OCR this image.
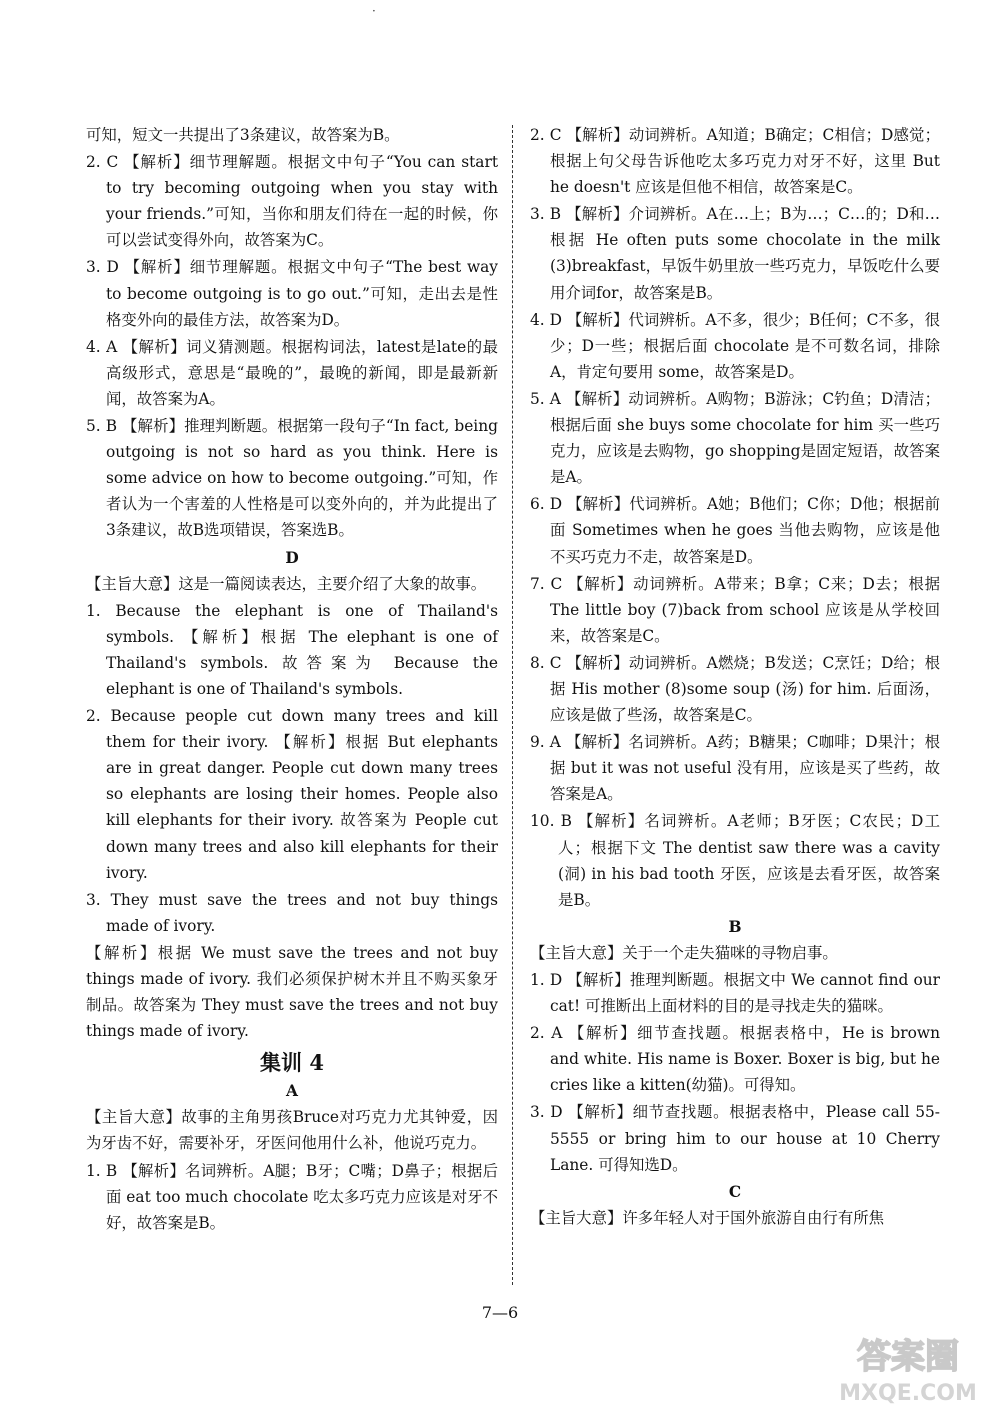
·

可知，短文一共提出了3条建议，故答案为B。

2. C 【解析】细节理解题。根据文中句子“You can start to try becoming outgoing when you stay with your friends.”可知，当你和朋友们待在一起的时候，你可以尝试变得外向，故答案为C。

3. D 【解析】细节理解题。根据文中句子“The best way to become outgoing is to go out.”可知，走出去是性格变外向的最佳方法，故答案为D。

4. A 【解析】词义猜测题。根据构词法，latest是late的最高级形式，意思是“最晚的”，最晚的新闻，即是最新新闻，故答案为A。

5. B 【解析】推理判断题。根据第一段句子“In fact, being outgoing is not so hard as you think. Here is some advice on how to become outgoing.”可知，作者认为一个害羞的人性格是可以变外向的，并为此提出了3条建议，故B选项错误，答案选B。

D

【主旨大意】这是一篇阅读表达，主要介绍了大象的故事。

1. Because the elephant is one of Thailand's symbols. 【解析】根据 The elephant is one of Thailand's symbols. 故答案为 Because the elephant is one of Thailand's symbols.

2. Because people cut down many trees and kill them for their ivory. 【解析】根据 But elephants are in great danger. People cut down many trees so elephants are losing their homes. People also kill elephants for their ivory. 故答案为 People cut down many trees and also kill elephants for their ivory.

3. They must save the trees and not buy things made of ivory.

【解析】根据 We must save the trees and not buy things made of ivory. 我们必须保护树木并且不购买象牙制品。故答案为 They must save the trees and not buy things made of ivory.

集训 4

A

【主旨大意】故事的主角男孩Bruce对巧克力尤其钟爱，因为牙齿不好，需要补牙，牙医问他用什么补，他说巧克力。

1. B 【解析】名词辨析。A腿；B牙；C嘴；D鼻子；根据后面 eat too much chocolate 吃太多巧克力应该是对牙不好，故答案是B。

2. C 【解析】动词辨析。A知道；B确定；C相信；D感觉；根据上句父母告诉他吃太多巧克力对牙不好，这里 But he doesn't 应该是但他不相信，故答案是C。

3. B 【解析】介词辨析。A在…上；B为…；C…的；D和…根据 He often puts some chocolate in the milk (3)breakfast，早饭牛奶里放一些巧克力，早饭吃什么要用介词for，故答案是B。

4. D 【解析】代词辨析。A不多，很少；B任何；C不多，很少；D一些；根据后面 chocolate 是不可数名词，排除A，肯定句要用 some，故答案是D。

5. A 【解析】动词辨析。A购物；B游泳；C钓鱼；D清洁；根据后面 she buys some chocolate for him 买一些巧克力，应该是去购物，go shopping是固定短语，故答案是A。

6. D 【解析】代词辨析。A她；B他们；C你；D他；根据前面 Sometimes when he goes 当他去购物，应该是他不买巧克力不走，故答案是D。

7. C 【解析】动词辨析。A带来；B拿；C来；D去；根据 The little boy (7)back from school 应该是从学校回来，故答案是C。

8. C 【解析】动词辨析。A燃烧；B发送；C烹饪；D给；根据 His mother (8)some soup (汤) for him. 后面汤，应该是做了些汤，故答案是C。

9. A 【解析】名词辨析。A药；B糖果；C咖啡；D果汁；根据 but it was not useful 没有用，应该是买了些药，故答案是A。

10. B 【解析】名词辨析。A老师；B牙医；C农民；D工人；根据下文 The dentist saw there was a cavity (洞) in his bad tooth 牙医，应该是去看牙医，故答案是B。

B

【主旨大意】关于一个走失猫咪的寻物启事。

1. D 【解析】推理判断题。根据文中 We cannot find our cat! 可推断出上面材料的目的是寻找走失的猫咪。

2. A 【解析】细节查找题。根据表格中，He is brown and white. His name is Boxer. Boxer is big, but he cries like a kitten(幼猫)。可得知。

3. D 【解析】细节查找题。根据表格中，Please call 55-5555 or bring him to our house at 10 Cherry Lane. 可得知选D。

C

【主旨大意】许多年轻人对于国外旅游自由行有所焦

7—6
答案圈
MXQE.COM
